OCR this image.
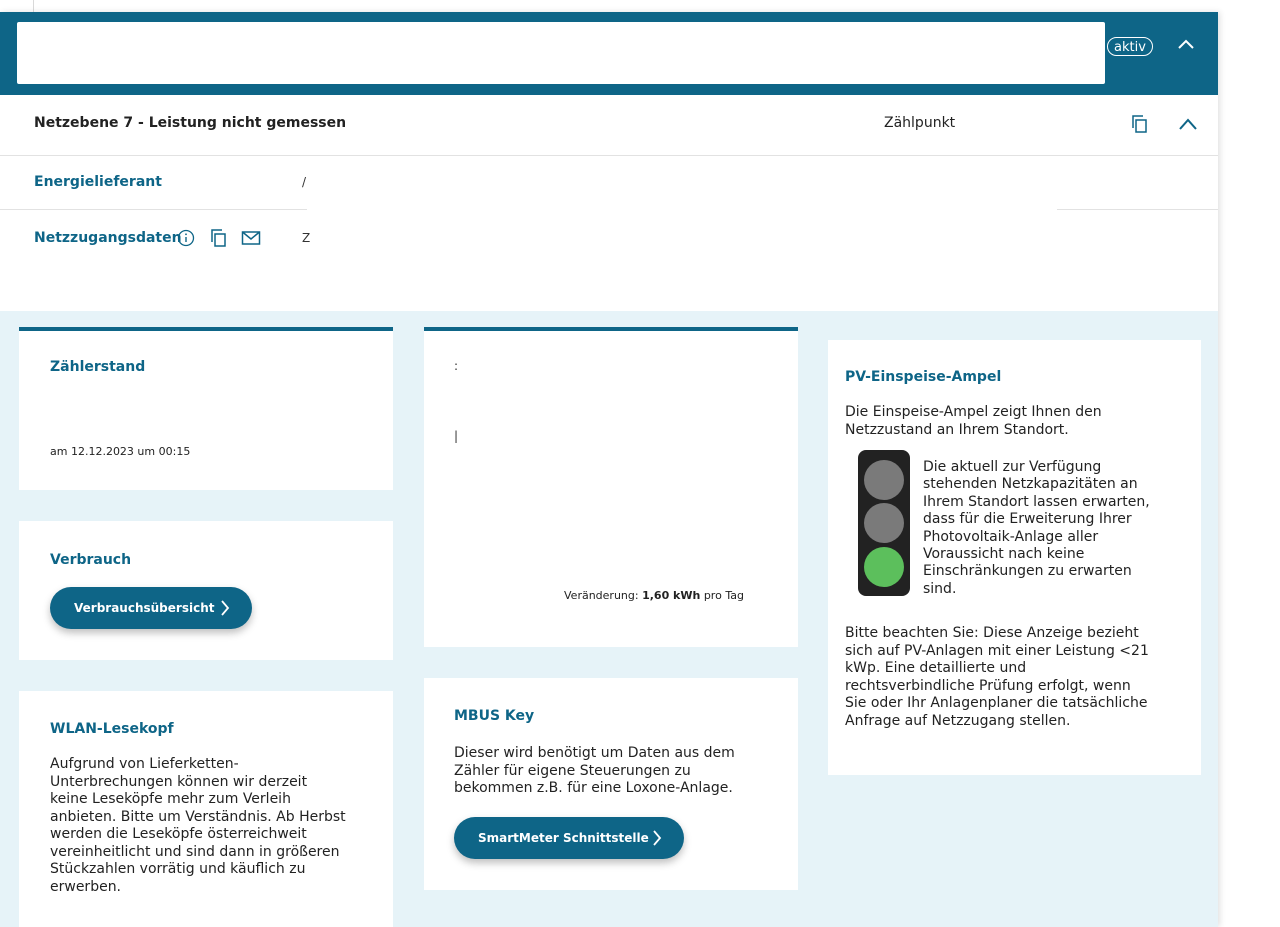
aktiv
Netzebene 7 - Leistung nicht gemessen	Zählpunkt
Energielieferant	/
Netzzugangsdaten	Z
Zählerstand
am 12.12.2023 um 00:15
Verbrauch
Verbrauchsübersicht
WLAN-Lesekopf
Aufgrund von Lieferketten-
Unterbrechungen können wir derzeit
keine Leseköpfe mehr zum Verleih
anbieten. Bitte um Verständnis. Ab Herbst
werden die Leseköpfe österreichweit
vereinheitlicht und sind dann in größeren
Stückzahlen vorrätig und käuflich zu
erwerben.
:
|
Veränderung: 1,60 kWh pro Tag
MBUS Key
Dieser wird benötigt um Daten aus dem
Zähler für eigene Steuerungen zu
bekommen z.B. für eine Loxone-Anlage.
SmartMeter Schnittstelle
PV-Einspeise-Ampel
Die Einspeise-Ampel zeigt Ihnen den
Netzzustand an Ihrem Standort.
Die aktuell zur Verfügung
stehenden Netzkapazitäten an
Ihrem Standort lassen erwarten,
dass für die Erweiterung Ihrer
Photovoltaik-Anlage aller
Voraussicht nach keine
Einschränkungen zu erwarten
sind.
Bitte beachten Sie: Diese Anzeige bezieht
sich auf PV-Anlagen mit einer Leistung <21
kWp. Eine detaillierte und
rechtsverbindliche Prüfung erfolgt, wenn
Sie oder Ihr Anlagenplaner die tatsächliche
Anfrage auf Netzzugang stellen.
